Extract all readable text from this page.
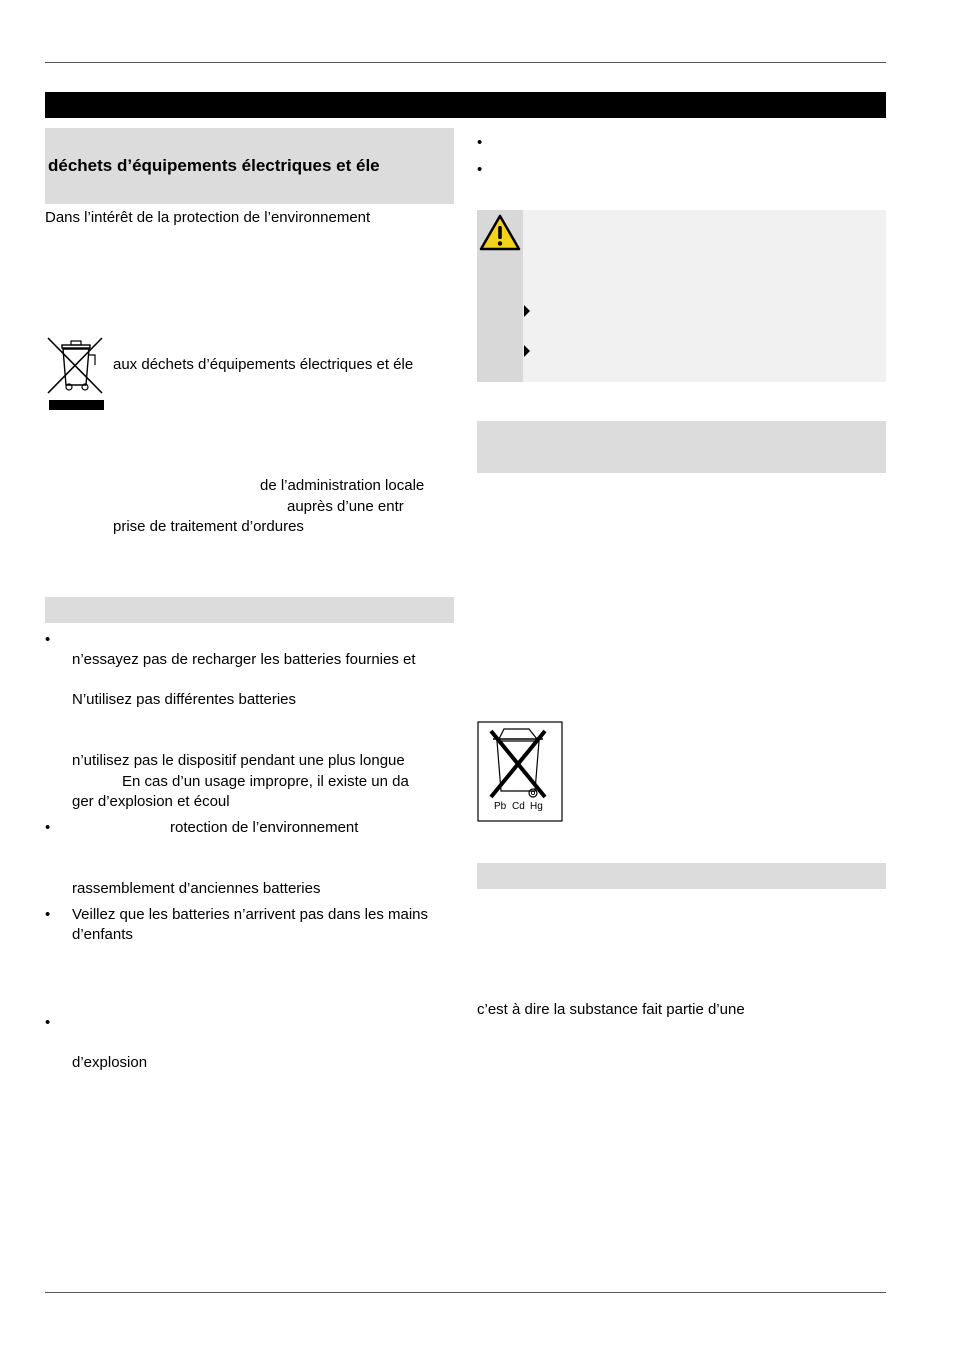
déchets d’équipements électriques et éle
Dans l’intérêt de la protection de l’environnement
aux déchets d’équipements électriques et éle
de l’administration locale
auprès d’une entr
prise de traitement d’ordures
•
n’essayez pas de recharger les batteries fournies et
N’utilisez pas différentes batteries
n’utilisez pas le dispositif pendant une plus longue
En cas d’un usage impropre, il existe un da
ger d’explosion et écoul
•	rotection de l’environnement
rassemblement d’anciennes batteries
• Veillez que les batteries n’arrivent pas dans les mains
d’enfants
•
d’explosion
•
•
Pb Cd Hg
c’est à dire la substance fait partie d’une
